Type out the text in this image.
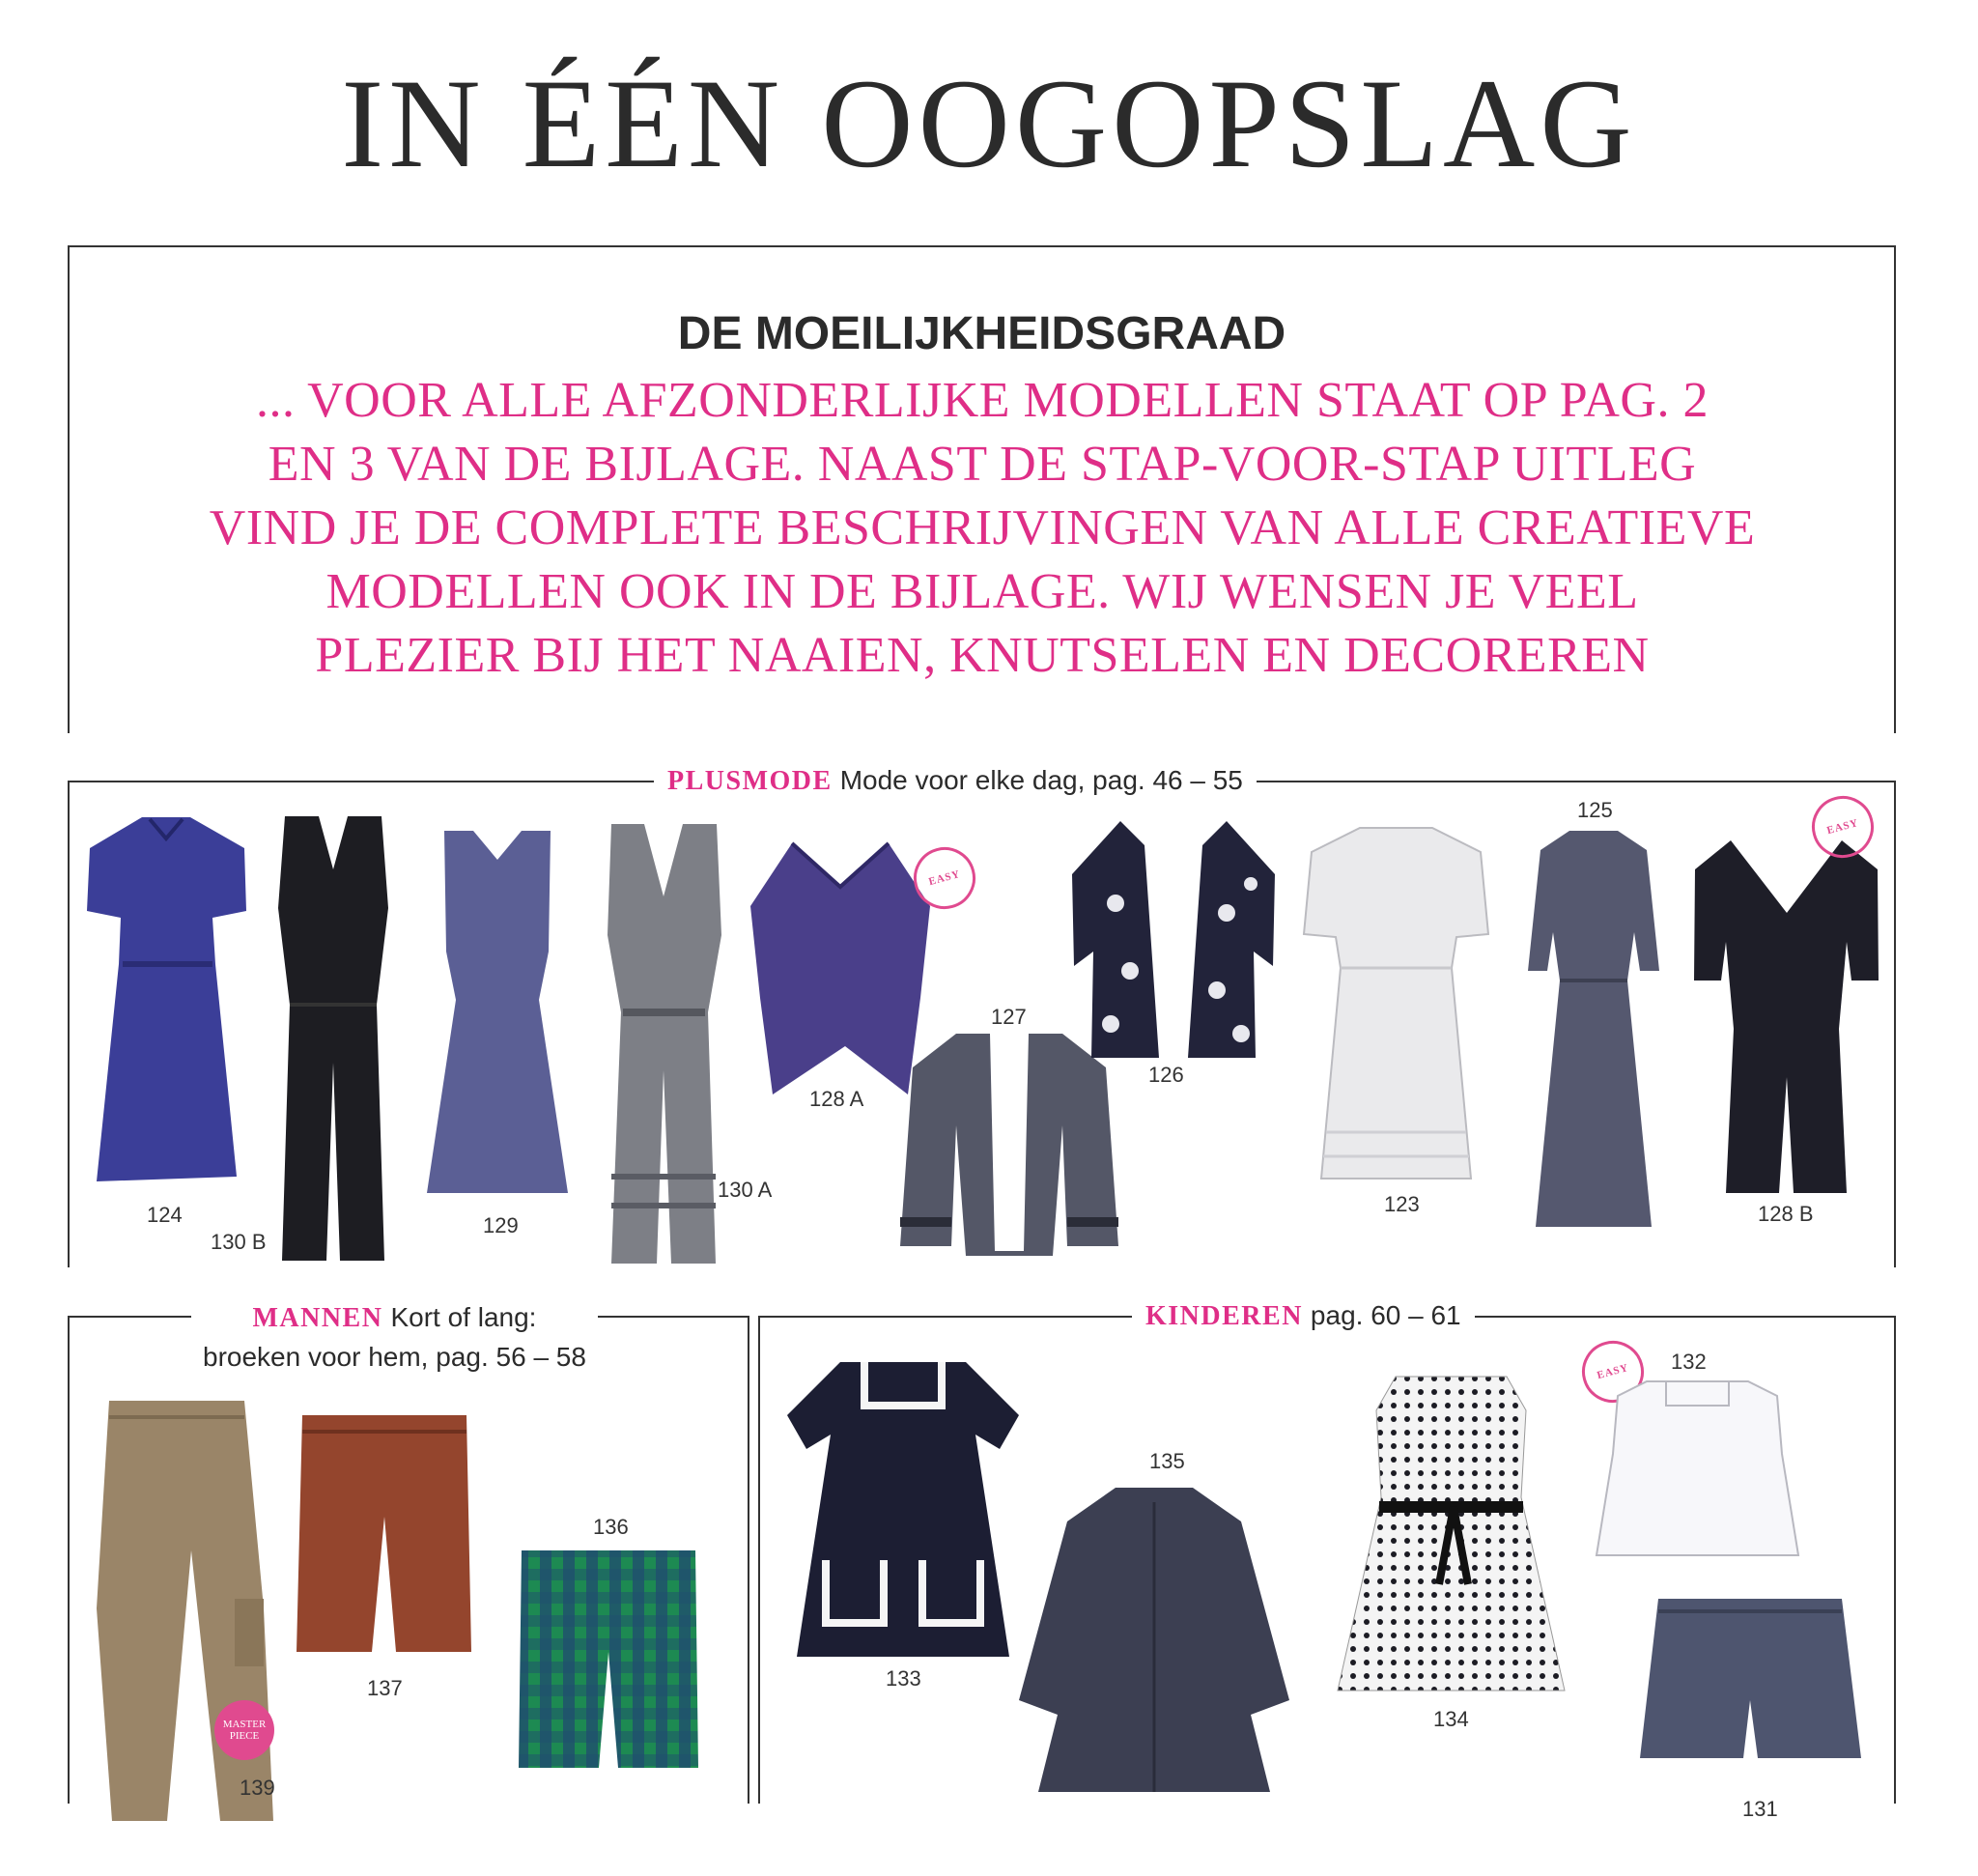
IN ÉÉN OOGOPSLAG
DE MOEILIJKHEIDSGRAAD
... VOOR ALLE AFZONDERLIJKE MODELLEN STAAT OP PAG. 2
EN 3 VAN DE BIJLAGE. NAAST DE STAP-VOOR-STAP UITLEG
VIND JE DE COMPLETE BESCHRIJVINGEN VAN ALLE CREATIEVE
MODELLEN OOK IN DE BIJLAGE. WIJ WENSEN JE VEEL
PLEZIER BIJ HET NAAIEN, KNUTSELEN EN DECOREREN
PLUSMODE Mode voor elke dag, pag. 46 – 55
124
130 B
129
130 A
EASY
128 A
127
126
123
125
EASY
128 B
MANNEN Kort of lang:
broeken voor hem, pag. 56 – 58
MASTER
PIECE
139
137
136
KINDEREN pag. 60 – 61
133
135
134
EASY	132
131
